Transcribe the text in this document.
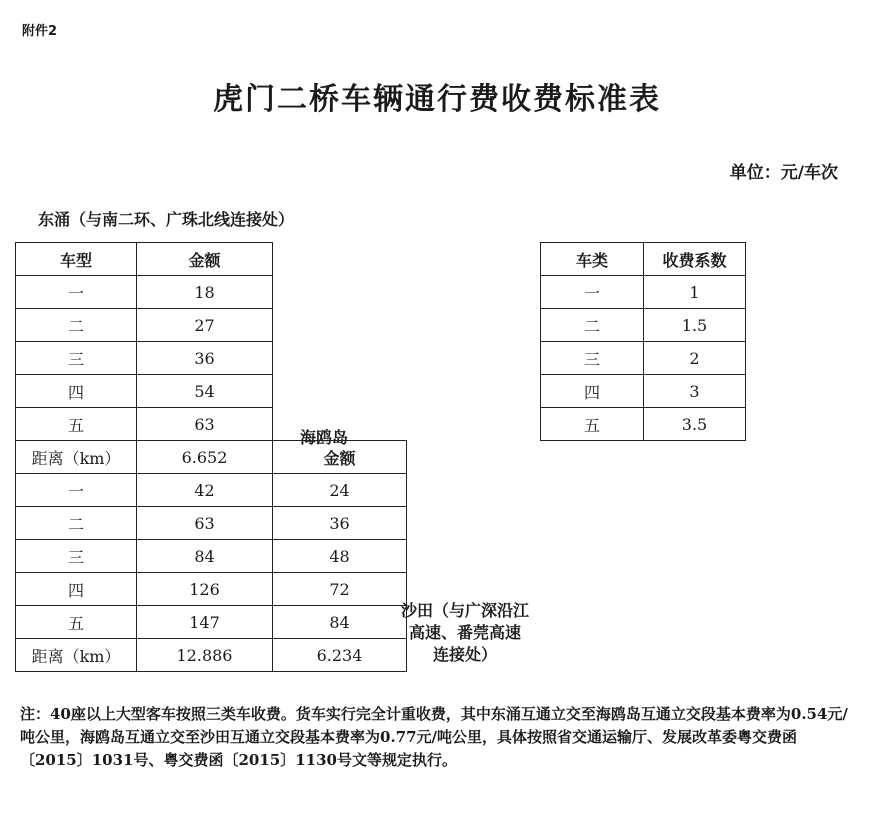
附件2
虎门二桥车辆通行费收费标准表
单位：元/车次
东涌（与南二环、广珠北线连接处）
海鸥岛
沙田（与广深沿江
高速、番莞高速
连接处）
车型	金额
一	18
二	27
三	36
四	54
五	63
距离（km）	6.652	金额
一	42	24
二	63	36
三	84	48
四	126	72
五	147	84
距离（km）	12.886	6.234
车类	收费系数
一	1
二	1.5
三	2
四	3
五	3.5
注：40座以上大型客车按照三类车收费。货车实行完全计重收费，其中东涌互通立交至海鸥岛互通立交段基本费率为0.54元/吨公里，海鸥岛互通立交至沙田互通立交段基本费率为0.77元/吨公里，具体按照省交通运输厅、发展改革委粤交费函〔2015〕1031号、粤交费函〔2015〕1130号文等规定执行。
